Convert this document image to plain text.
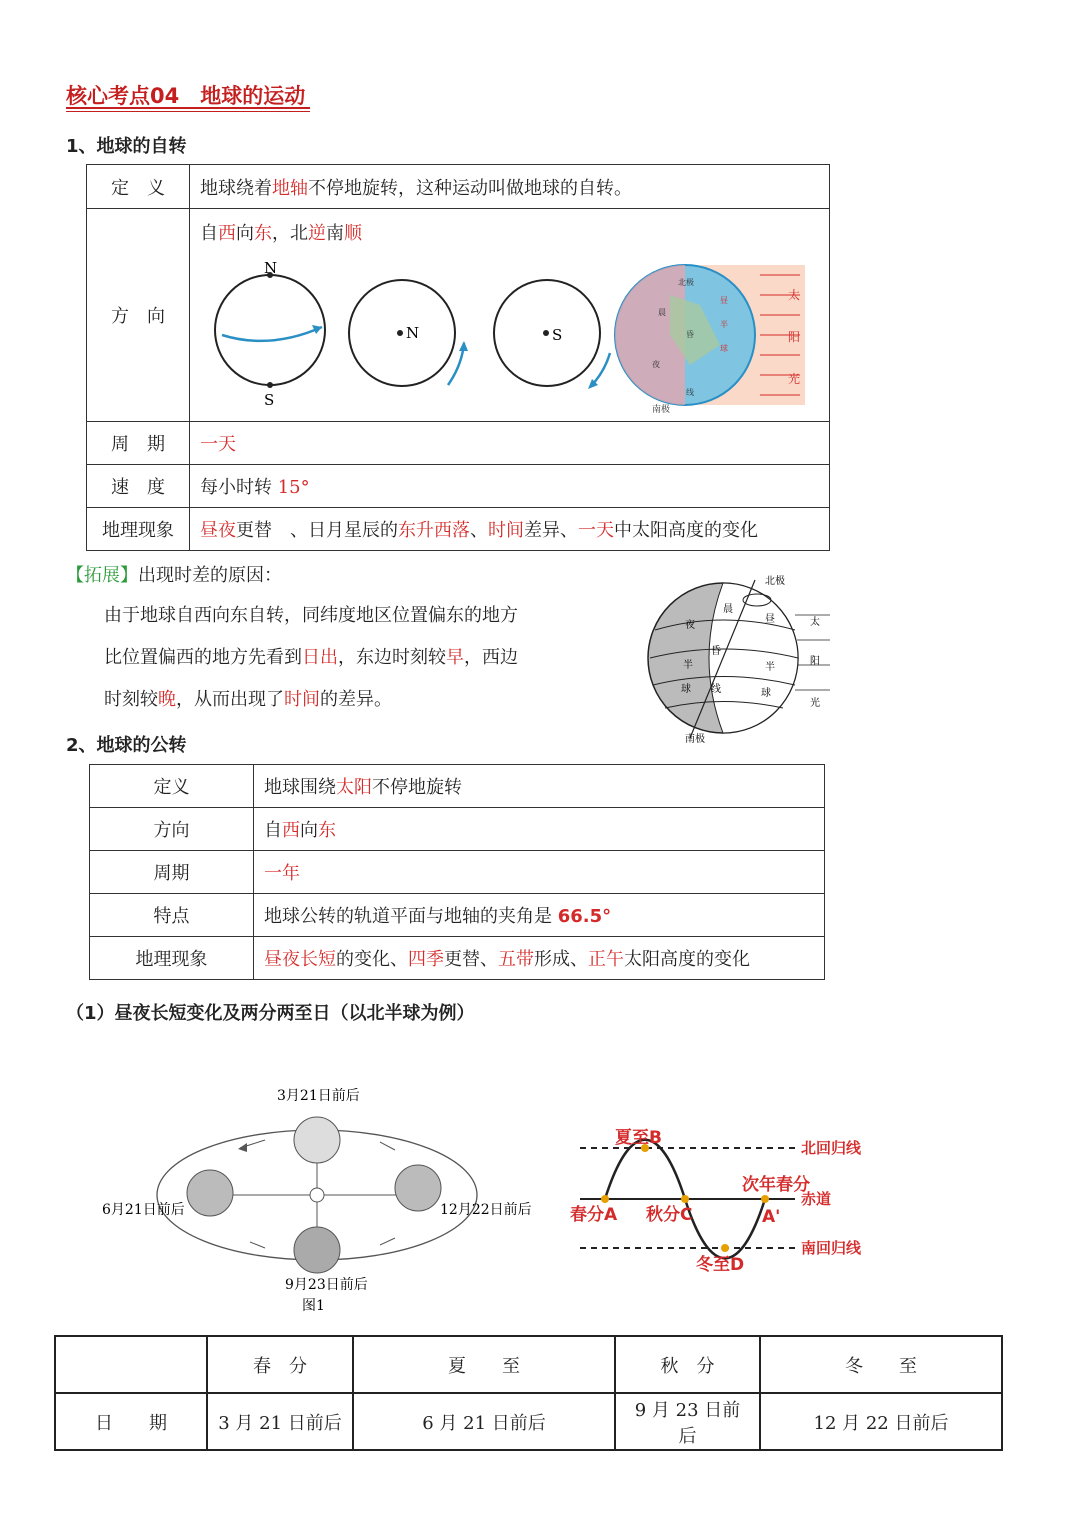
核心考点04　地球的运动
1、地球的自转
定　义	地球绕着地轴不停地旋转，这种运动叫做地球的自转。
方　向	自西向东，北逆南顺

周　期	一天
速　度	每小时转 15°
地理现象	昼夜更替　、日月星辰的东升西落、时间差异、一天中太阳高度的变化
N
S
N	S
太
阳
光
北极
晨
昼
半
夜
球
昏
线
南极
【拓展】出现时差的原因：
由于地球自西向东自转，同纬度地区位置偏东的地方
比位置偏西的地方先看到日出，东边时刻较早，西边
时刻较晚，从而出现了时间的差异。
北极
南极
夜
半
球
晨
昏
线
昼
半
球
太
阳
光
2、地球的公转
定义	地球围绕太阳不停地旋转
方向	自西向东
周期	一年
特点	地球公转的轨道平面与地轴的夹角是 66.5°
地理现象	昼夜长短的变化、四季更替、五带形成、正午太阳高度的变化
（1）昼夜长短变化及两分两至日（以北半球为例）
3月21日前后
6月21日前后	12月22日前后
9月23日前后
图1
夏至B
春分A 秋分C
冬至D
次年春分
A'
北回归线
赤道
南回归线
	春　分	夏　　至	秋　分	冬　　至
日　　期	3 月 21 日前后	6 月 21 日前后	9 月 23 日前后	12 月 22 日前后
